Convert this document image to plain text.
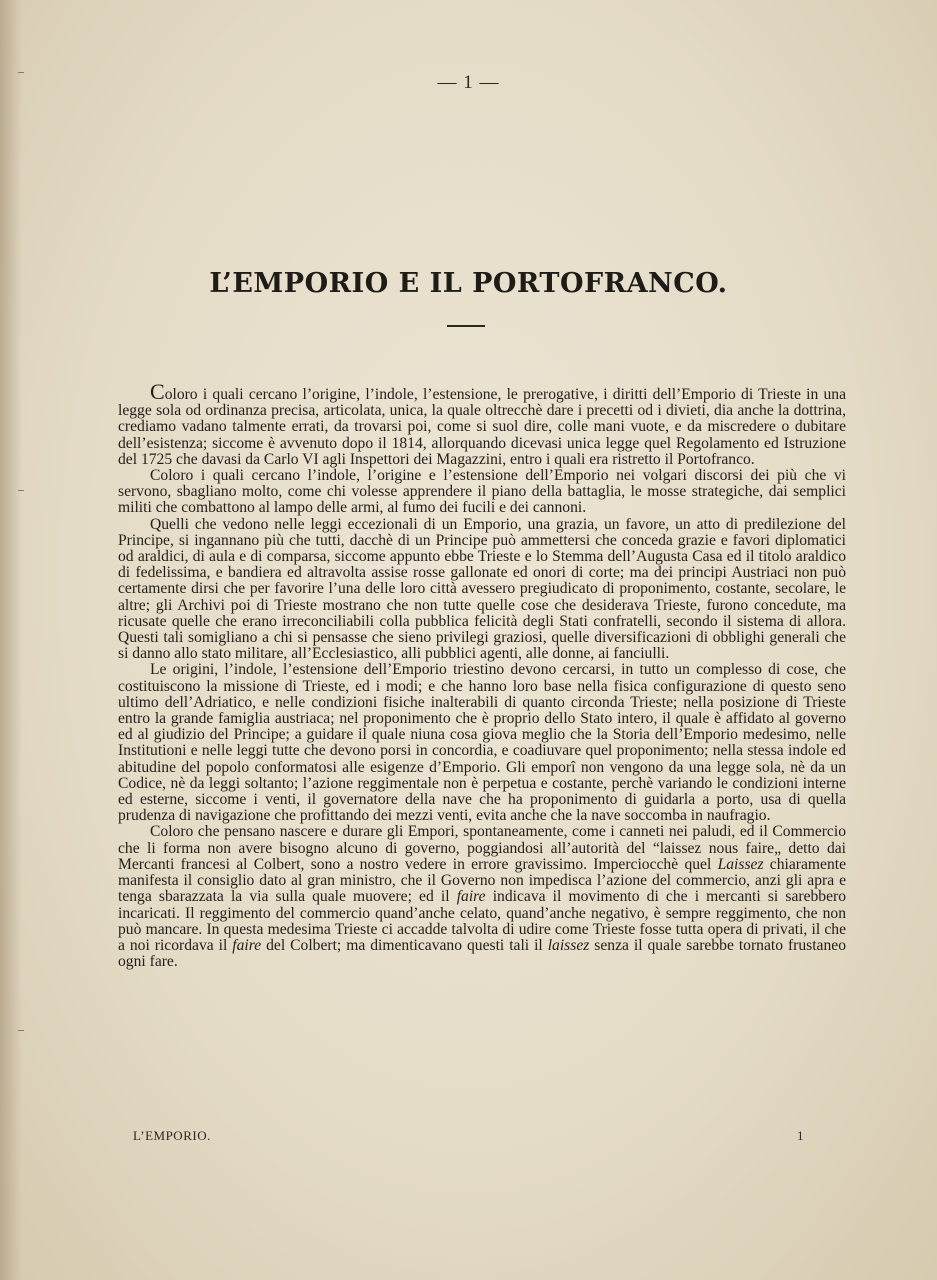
— 1 —
L’EMPORIO E IL PORTOFRANCO.

Coloro i quali cercano l’origine, l’indole, l’estensione, le prerogative, i diritti dell’Emporio di Trieste in una legge sola od ordinanza precisa, articolata, unica, la quale oltrecchè dare i precetti od i divieti, dia anche la dottrina, crediamo vadano talmente errati, da trovarsi poi, come si suol dire, colle mani vuote, e da miscredere o dubitare dell’esistenza; siccome è avvenuto dopo il 1814, allorquando dicevasi unica legge quel Regolamento ed Istruzione del 1725 che davasi da Carlo VI agli Inspettori dei Magazzini, entro i quali era ristretto il Portofranco.

Coloro i quali cercano l’indole, l’origine e l’estensione dell’Emporio nei volgari discorsi dei più che vi servono, sbagliano molto, come chi volesse apprendere il piano della battaglia, le mosse strategiche, dai semplici militi che combattono al lampo delle armi, al fumo dei fucili e dei cannoni.

Quelli che vedono nelle leggi eccezionali di un Emporio, una grazia, un favore, un atto di predilezione del Principe, si ingannano più che tutti, dacchè di un Principe può ammettersi che conceda grazie e favori diplomatici od araldici, di aula e di comparsa, siccome appunto ebbe Trieste e lo Stemma dell’Augusta Casa ed il titolo araldico di fedelissima, e bandiera ed altravolta assise rosse gallonate ed onori di corte; ma dei principi Austriaci non può certamente dirsi che per favorire l’una delle loro città avessero pregiudicato di proponimento, costante, secolare, le altre; gli Archivi poi di Trieste mostrano che non tutte quelle cose che desiderava Trieste, furono concedute, ma ricusate quelle che erano irreconciliabili colla pubblica felicità degli Stati confratelli, secondo il sistema di allora. Questi tali somigliano a chi si pensasse che sieno privilegi graziosi, quelle diversificazioni di obblighi generali che si danno allo stato militare, all’Ecclesiastico, alli pubblici agenti, alle donne, ai fanciulli.

Le origini, l’indole, l’estensione dell’Emporio triestino devono cercarsi, in tutto un complesso di cose, che costituiscono la missione di Trieste, ed i modi; e che hanno loro base nella fisica configurazione di questo seno ultimo dell’Adriatico, e nelle condizioni fisiche inalterabili di quanto circonda Trieste; nella posizione di Trieste entro la grande famiglia austriaca; nel proponimento che è proprio dello Stato intero, il quale è affidato al governo ed al giudizio del Principe; a guidare il quale niuna cosa giova meglio che la Storia dell’Emporio medesimo, nelle Institutioni e nelle leggi tutte che devono porsi in concordia, e coadiuvare quel proponimento; nella stessa indole ed abitudine del popolo conformatosi alle esigenze d’Emporio. Gli emporî non vengono da una legge sola, nè da un Codice, nè da leggi soltanto; l’azione reggimentale non è perpetua e costante, perchè variando le condizioni interne ed esterne, siccome i venti, il governatore della nave che ha proponimento di guidarla a porto, usa di quella prudenza di navigazione che profittando dei mezzi venti, evita anche che la nave soccomba in naufragio.

Coloro che pensano nascere e durare gli Empori, spontaneamente, come i canneti nei paludi, ed il Commercio che li forma non avere bisogno alcuno di governo, poggiandosi all’autorità del “laissez nous faire„ detto dai Mercanti francesi al Colbert, sono a nostro vedere in errore gravissimo. Imperciocchè quel Laissez chiaramente manifesta il consiglio dato al gran ministro, che il Governo non impedisca l’azione del commercio, anzi gli apra e tenga sbarazzata la via sulla quale muovere; ed il faire indicava il movimento di che i mercanti si sarebbero incaricati. Il reggimento del commercio quand’anche celato, quand’anche negativo, è sempre reggimento, che non può mancare. In questa medesima Trieste ci accadde talvolta di udire come Trieste fosse tutta opera di privati, il che a noi ricordava il faire del Colbert; ma dimenticavano questi tali il laissez senza il quale sarebbe tornato frustaneo ogni fare.

L’EMPORIO.	1
